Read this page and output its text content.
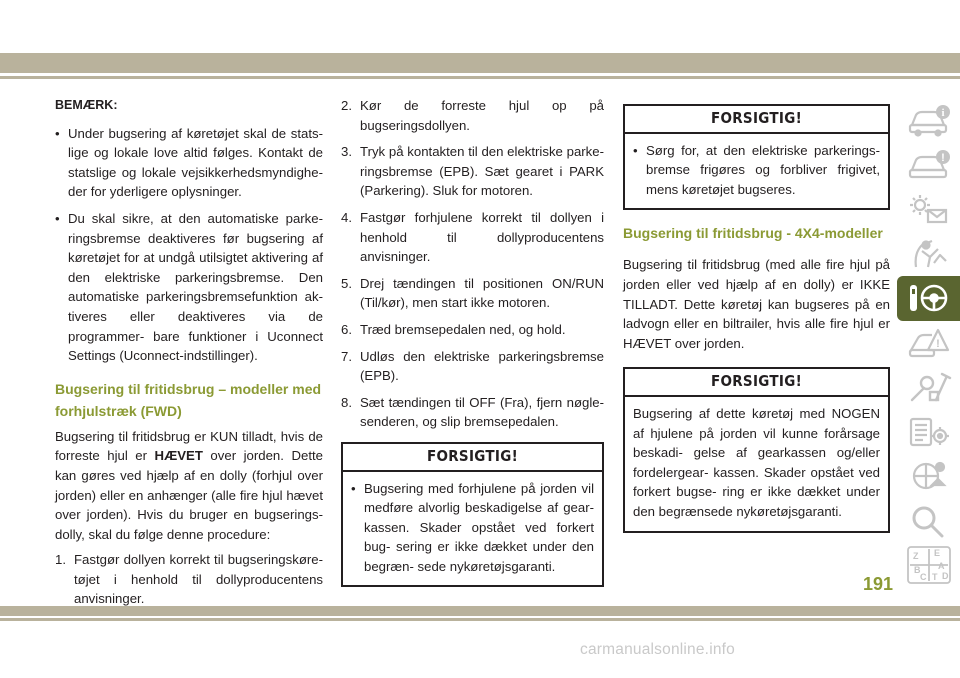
BEMÆRK:

• Under bugsering af køretøjet skal de stats- lige og lokale love altid følges. Kontakt de statslige og lokale vejsikkerhedsmyndighe- der for yderligere oplysninger.

• Du skal sikre, at den automatiske parke- ringsbremse deaktiveres før bugsering af køretøjet for at undgå utilsigtet aktivering af den elektriske parkeringsbremse. Den automatiske parkeringsbremsefunktion ak- tiveres eller deaktiveres via de programmer- bare funktioner i Uconnect Settings (Uconnect-indstillinger).

Bugsering til fritidsbrug – modeller med forhjulstræk (FWD)

Bugsering til fritidsbrug er KUN tilladt, hvis de forreste hjul er HÆVET over jorden. Dette kan gøres ved hjælp af en dolly (forhjul over jorden) eller en anhænger (alle fire hjul hævet over jorden). Hvis du bruger en bugserings- dolly, skal du følge denne procedure:

1. Fastgør dollyen korrekt til bugseringskøre- tøjet i henhold til dollyproducentens anvisninger.

2. Kør de forreste hjul op på bugseringsdollyen.

3. Tryk på kontakten til den elektriske parke- ringsbremse (EPB). Sæt gearet i PARK (Parkering). Sluk for motoren.

4. Fastgør forhjulene korrekt til dollyen i henhold til dollyproducentens anvisninger.

5. Drej tændingen til positionen ON/RUN (Til/kør), men start ikke motoren.

6. Træd bremsepedalen ned, og hold.

7. Udløs den elektriske parkeringsbremse (EPB).

8. Sæt tændingen til OFF (Fra), fjern nøgle- senderen, og slip bremsepedalen.

FORSIGTIG!

• Bugsering med forhjulene på jorden vil medføre alvorlig beskadigelse af gear- kassen. Skader opstået ved forkert bug- sering er ikke dækket under den begræn- sede nykøretøjsgaranti.

FORSIGTIG!

• Sørg for, at den elektriske parkerings- bremse frigøres og forbliver frigivet, mens køretøjet bugseres.

Bugsering til fritidsbrug - 4X4-modeller

Bugsering til fritidsbrug (med alle fire hjul på jorden eller ved hjælp af en dolly) er IKKE TILLADT. Dette køretøj kan bugseres på en ladvogn eller en biltrailer, hvis alle fire hjul er HÆVET over jorden.

FORSIGTIG!
Bugsering af dette køretøj med NOGEN af hjulene på jorden vil kunne forårsage beskadi- gelse af gearkassen og/eller fordelergear- kassen. Skader opstået ved forkert bugse- ring er ikke dækket under den begrænsede nykøretøjsgaranti.
i
!
!
Z E
B A
C T D
191
carmanualsonline.info
